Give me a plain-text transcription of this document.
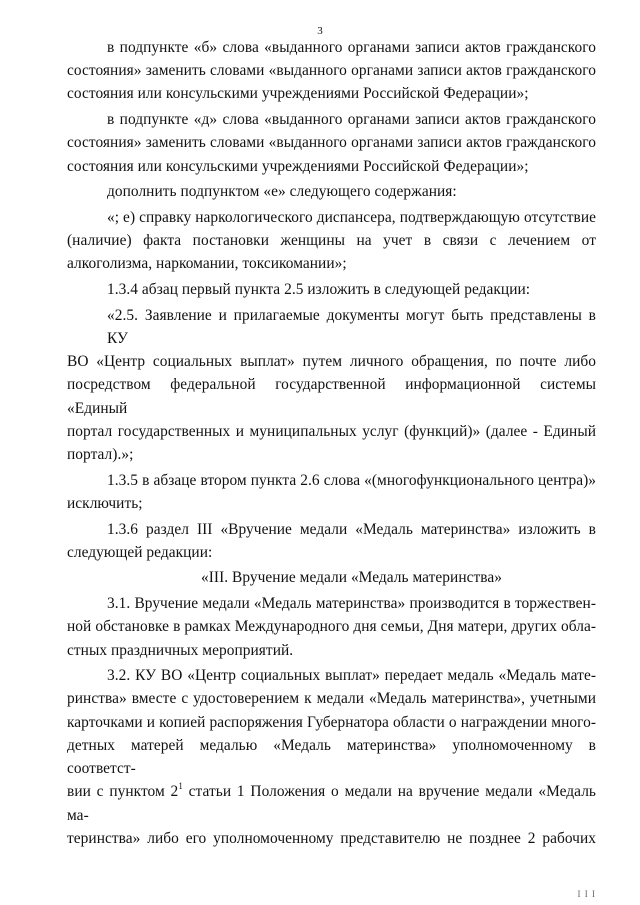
3
в подпункте «б» слова «выданного органами записи актов гражданского
состояния» заменить словами «выданного органами записи актов гражданского
состояния или консульскими учреждениями Российской Федерации»;
в подпункте «д» слова «выданного органами записи актов гражданского
состояния» заменить словами «выданного органами записи актов гражданского
состояния или консульскими учреждениями Российской Федерации»;
дополнить подпунктом «е» следующего содержания:
«; е) справку наркологического диспансера, подтверждающую отсутствие
(наличие) факта постановки женщины на учет в связи с лечением от
алкоголизма, наркомании, токсикомании»;
1.3.4 абзац первый пункта 2.5 изложить в следующей редакции:
«2.5. Заявление и прилагаемые документы могут быть представлены в КУ
ВО «Центр социальных выплат» путем личного обращения, по почте либо
посредством федеральной государственной информационной системы «Единый
портал государственных и муниципальных услуг (функций)» (далее - Единый
портал).»;
1.3.5 в абзаце втором пункта 2.6 слова «(многофункционального центра)»
исключить;
1.3.6 раздел III «Вручение медали «Медаль материнства» изложить в
следующей редакции:
«III. Вручение медали «Медаль материнства»
3.1. Вручение медали «Медаль материнства» производится в торжествен-
ной обстановке в рамках Международного дня семьи, Дня матери, других обла-
стных праздничных мероприятий.
3.2. КУ ВО «Центр социальных выплат» передает медаль «Медаль мате-
ринства» вместе с удостоверением к медали «Медаль материнства», учетными
карточками и копией распоряжения Губернатора области о награждении много-
детных матерей медалью «Медаль материнства» уполномоченному в соответст-
вии с пунктом $2^1$ статьи 1 Положения о медали на вручение медали «Медаль ма-
теринства» либо его уполномоченному представителю не позднее 2 рабочих
I I I
